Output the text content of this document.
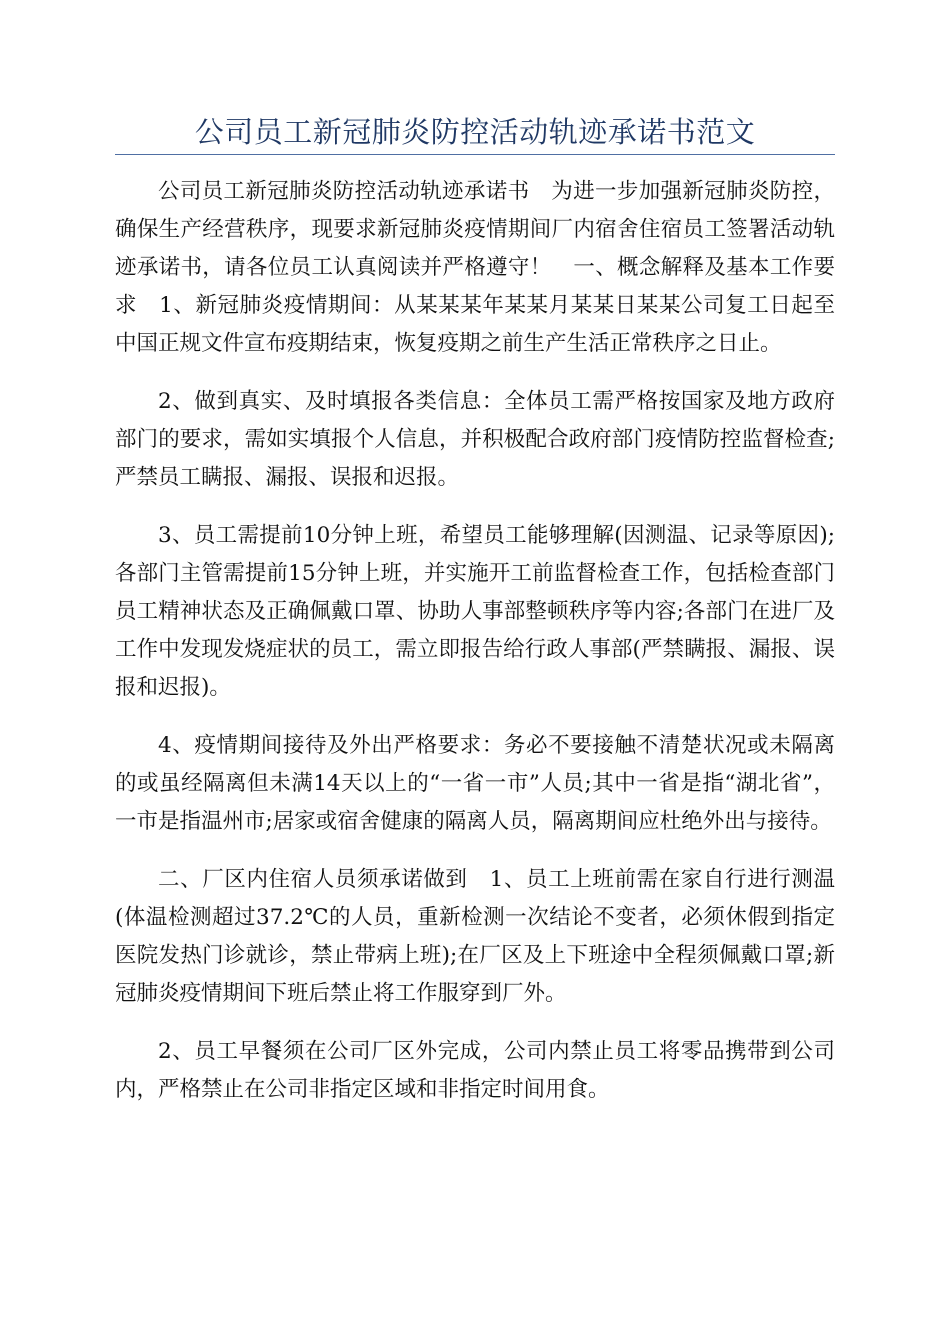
公司员工新冠肺炎防控活动轨迹承诺书范文

公司员工新冠肺炎防控活动轨迹承诺书　为进一步加强新冠肺炎防控，确保生产经营秩序，现要求新冠肺炎疫情期间厂内宿舍住宿员工签署活动轨迹承诺书，请各位员工认真阅读并严格遵守！　一、概念解释及基本工作要求　1、新冠肺炎疫情期间：从某某某年某某月某某日某某公司复工日起至中国正规文件宣布疫期结束，恢复疫期之前生产生活正常秩序之日止。

2、做到真实、及时填报各类信息：全体员工需严格按国家及地方政府部门的要求，需如实填报个人信息，并积极配合政府部门疫情防控监督检查;严禁员工瞒报、漏报、误报和迟报。

3、员工需提前10分钟上班，希望员工能够理解(因测温、记录等原因);各部门主管需提前15分钟上班，并实施开工前监督检查工作，包括检查部门员工精神状态及正确佩戴口罩、协助人事部整顿秩序等内容;各部门在进厂及工作中发现发烧症状的员工，需立即报告给行政人事部(严禁瞒报、漏报、误报和迟报)。

4、疫情期间接待及外出严格要求：务必不要接触不清楚状况或未隔离的或虽经隔离但未满14天以上的“一省一市”人员;其中一省是指“湖北省”，一市是指温州市;居家或宿舍健康的隔离人员，隔离期间应杜绝外出与接待。

二、厂区内住宿人员须承诺做到　1、员工上班前需在家自行进行测温(体温检测超过37.2℃的人员，重新检测一次结论不变者，必须休假到指定医院发热门诊就诊，禁止带病上班);在厂区及上下班途中全程须佩戴口罩;新冠肺炎疫情期间下班后禁止将工作服穿到厂外。

2、员工早餐须在公司厂区外完成，公司内禁止员工将零品携带到公司内，严格禁止在公司非指定区域和非指定时间用食。
